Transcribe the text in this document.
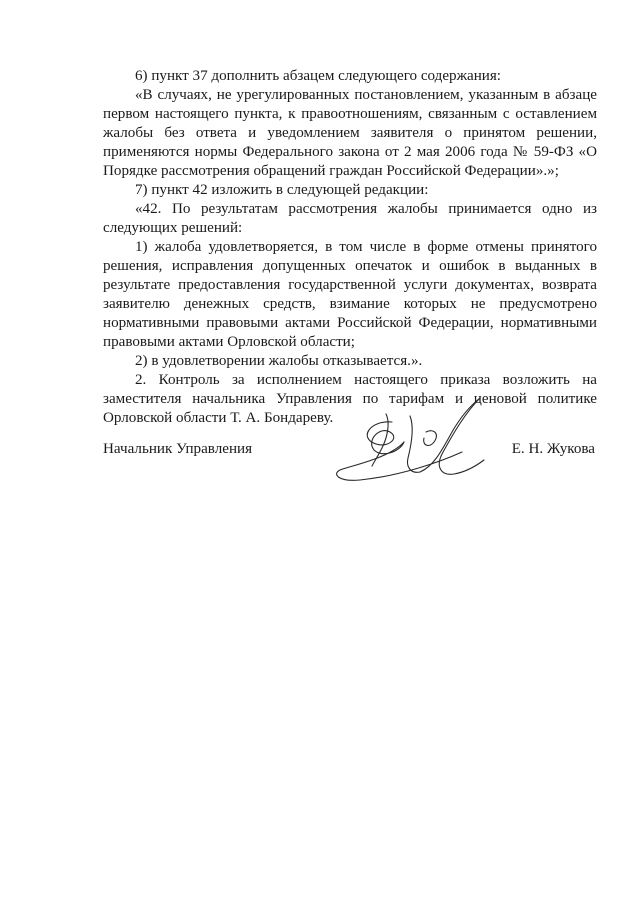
6) пункт 37 дополнить абзацем следующего содержания:

«В случаях, не урегулированных постановлением, указанным в абзаце первом настоящего пункта, к правоотношениям, связанным с оставлением жалобы без ответа и уведомлением заявителя о принятом решении, применяются нормы Федерального закона от 2 мая 2006 года № 59-ФЗ «О Порядке рассмотрения обращений граждан Российской Федерации».»;

7) пункт 42 изложить в следующей редакции:

«42. По результатам рассмотрения жалобы принимается одно из следующих решений:

1) жалоба удовлетворяется, в том числе в форме отмены принятого решения, исправления допущенных опечаток и ошибок в выданных в результате предоставления государственной услуги документах, возврата заявителю денежных средств, взимание которых не предусмотрено нормативными правовыми актами Российской Федерации, нормативными правовыми актами Орловской области;

2) в удовлетворении жалобы отказывается.».

2. Контроль за исполнением настоящего приказа возложить на заместителя начальника Управления по тарифам и ценовой политике Орловской области Т. А. Бондареву.

Начальник Управления	Е. Н. Жукова
